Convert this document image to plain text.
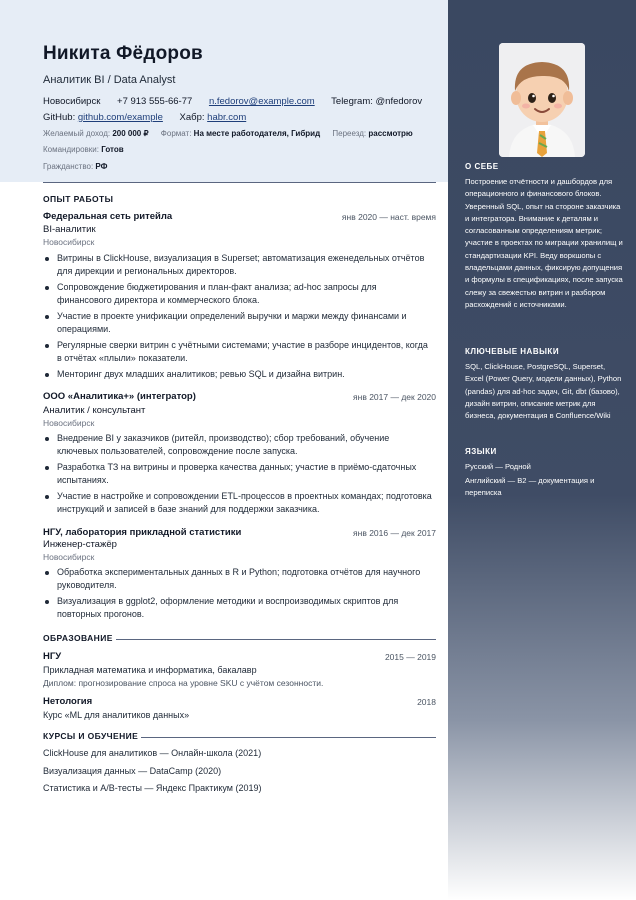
Никита Фёдоров
Аналитик BI / Data Analyst
Новосибирск +7 913 555-66-77 n.fedorov@example.com Telegram: @nfedorov
GitHub: github.com/example Хабр: habr.com
Желаемый доход: 200 000 ₽ Формат: На месте работодателя, Гибрид Переезд: рассмотрю
Командировки: Готов
Гражданство: РФ
ОПЫТ РАБОТЫ
Федеральная сеть ритейла	янв 2020 — наст. время
BI-аналитик
Новосибирск
Витрины в ClickHouse, визуализация в Superset; автоматизация еженедельных отчётов для дирекции и региональных директоров.
Сопровождение бюджетирования и план-факт анализа; ad-hoc запросы для финансового директора и коммерческого блока.
Участие в проекте унификации определений выручки и маржи между финансами и операциями.
Регулярные сверки витрин с учётными системами; участие в разборе инцидентов, когда в отчётах «плыли» показатели.
Менторинг двух младших аналитиков; ревью SQL и дизайна витрин.
ООО «Аналитика+» (интегратор)	янв 2017 — дек 2020
Аналитик / консультант
Новосибирск
Внедрение BI у заказчиков (ритейл, производство); сбор требований, обучение ключевых пользователей, сопровождение после запуска.
Разработка ТЗ на витрины и проверка качества данных; участие в приёмо-сдаточных испытаниях.
Участие в настройке и сопровождении ETL-процессов в проектных командах; подготовка инструкций и записей в базе знаний для поддержки заказчика.
НГУ, лаборатория прикладной статистики	янв 2016 — дек 2017
Инженер-стажёр
Новосибирск
Обработка экспериментальных данных в R и Python; подготовка отчётов для научного руководителя.
Визуализация в ggplot2, оформление методики и воспроизводимых скриптов для повторных прогонов.
ОБРАЗОВАНИЕ
НГУ	2015 — 2019
Прикладная математика и информатика, бакалавр
Диплом: прогнозирование спроса на уровне SKU с учётом сезонности.
Нетология	2018
Курс «ML для аналитиков данных»
КУРСЫ И ОБУЧЕНИЕ
ClickHouse для аналитиков — Онлайн-школа (2021)
Визуализация данных — DataCamp (2020)
Статистика и A/B-тесты — Яндекс Практикум (2019)
О СЕБЕ
Построение отчётности и дашбордов для операционного и финансового блоков. Уверенный SQL, опыт на стороне заказчика и интегратора. Внимание к деталям и согласованным определениям метрик; участие в проектах по миграции хранилищ и стандартизации KPI. Веду воркшопы с владельцами данных, фиксирую допущения и формулы в спецификациях, после запуска слежу за свежестью витрин и разбором расхождений с источниками.
КЛЮЧЕВЫЕ НАВЫКИ
SQL, ClickHouse, PostgreSQL, Superset, Excel (Power Query, модели данных), Python (pandas) для ad-hoc задач, Git, dbt (базово), дизайн витрин, описание метрик для бизнеса, документация в Confluence/Wiki
ЯЗЫКИ
Русский — Родной
Английский — B2 — документация и переписка
